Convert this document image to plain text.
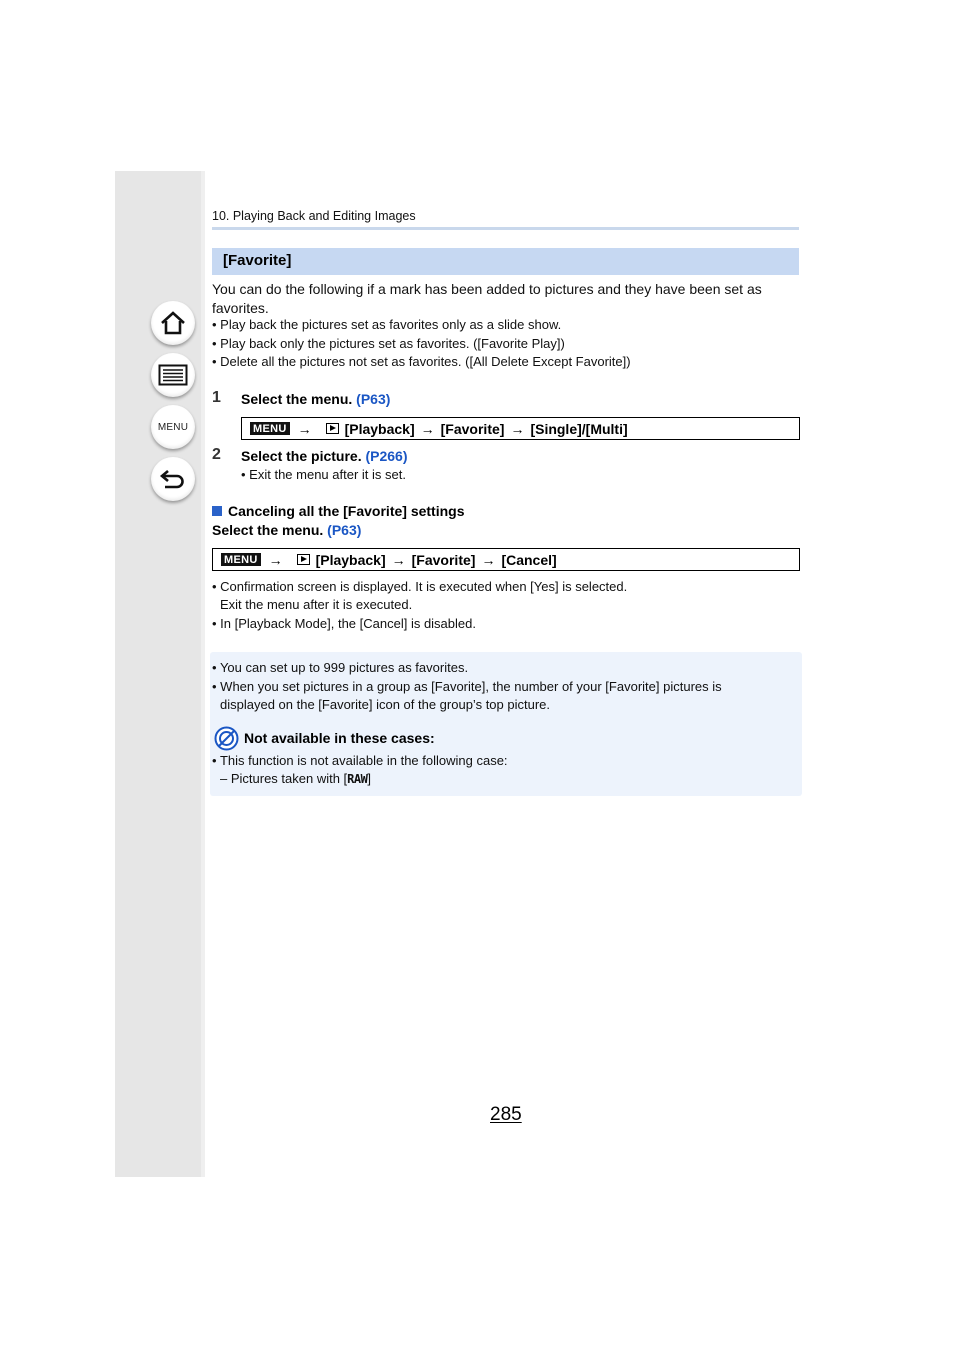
MENU
10. Playing Back and Editing Images
[Favorite]
You can do the following if a mark has been added to pictures and they have been set as favorites.
• Play back the pictures set as favorites only as a slide show.
• Play back only the pictures set as favorites. ([Favorite Play])
• Delete all the pictures not set as favorites. ([All Delete Except Favorite])
1 Select the menu. (P63)
MENU → [Playback] → [Favorite] → [Single]/[Multi]
2 Select the picture. (P266)
• Exit the menu after it is set.
Canceling all the [Favorite] settings
Select the menu. (P63)
MENU → [Playback] → [Favorite] → [Cancel]
• Confirmation screen is displayed. It is executed when [Yes] is selected.
Exit the menu after it is executed.
• In [Playback Mode], the [Cancel] is disabled.
• You can set up to 999 pictures as favorites.
• When you set pictures in a group as [Favorite], the number of your [Favorite] pictures is
displayed on the [Favorite] icon of the group’s top picture.
Not available in these cases:
• This function is not available in the following case:
– Pictures taken with [RAW]
285
